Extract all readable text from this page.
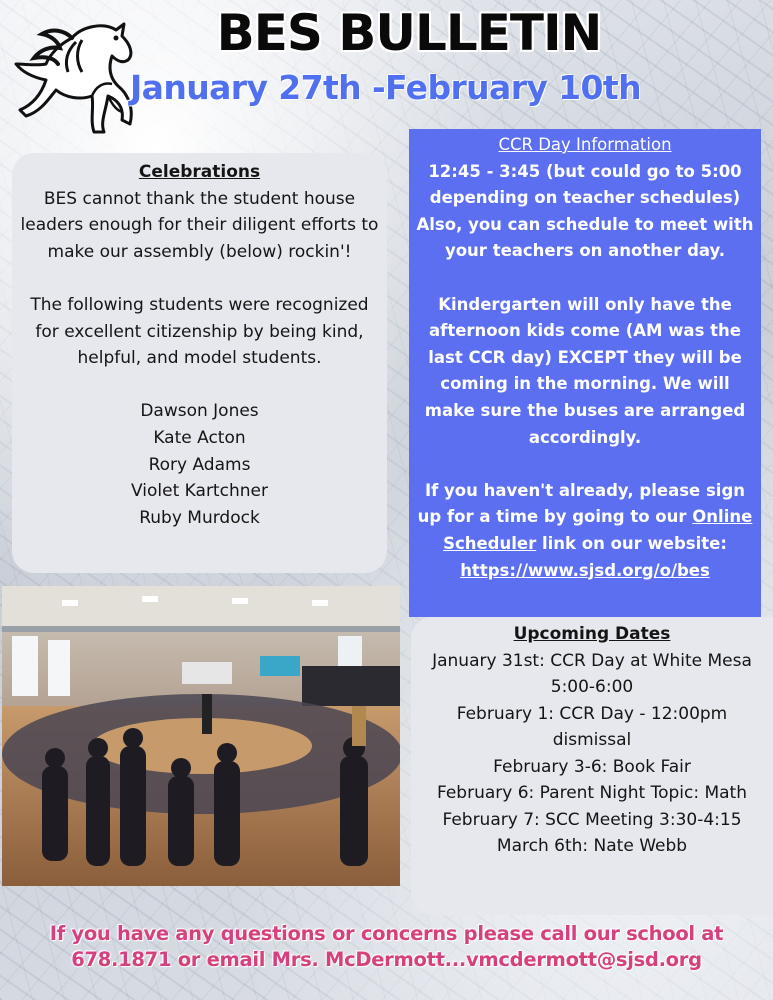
BES BULLETIN
January 27th -February 10th
Celebrations

BES cannot thank the student house leaders enough for their diligent efforts to make our assembly (below) rockin'!

The following students were recognized for excellent citizenship by being kind, helpful, and model students.

Dawson Jones

Kate Acton

Rory Adams

Violet Kartchner

Ruby Murdock

CCR Day Information

12:45 - 3:45 (but could go to 5:00 depending on teacher schedules)

Also, you can schedule to meet with your teachers on another day.

Kindergarten will only have the afternoon kids come (AM was the last CCR day) EXCEPT they will be coming in the morning. We will make sure the buses are arranged accordingly.

If you haven't already, please sign up for a time by going to our Online Scheduler link on our website: https://www.sjsd.org/o/bes

Upcoming Dates

January 31st: CCR Day at White Mesa 5:00-6:00

February 1: CCR Day - 12:00pm dismissal

February 3-6: Book Fair

February 6: Parent Night Topic: Math

February 7: SCC Meeting 3:30-4:15

March 6th: Nate Webb

If you have any questions or concerns please call our school at 678.1871 or email Mrs. McDermott...vmcdermott@sjsd.org
